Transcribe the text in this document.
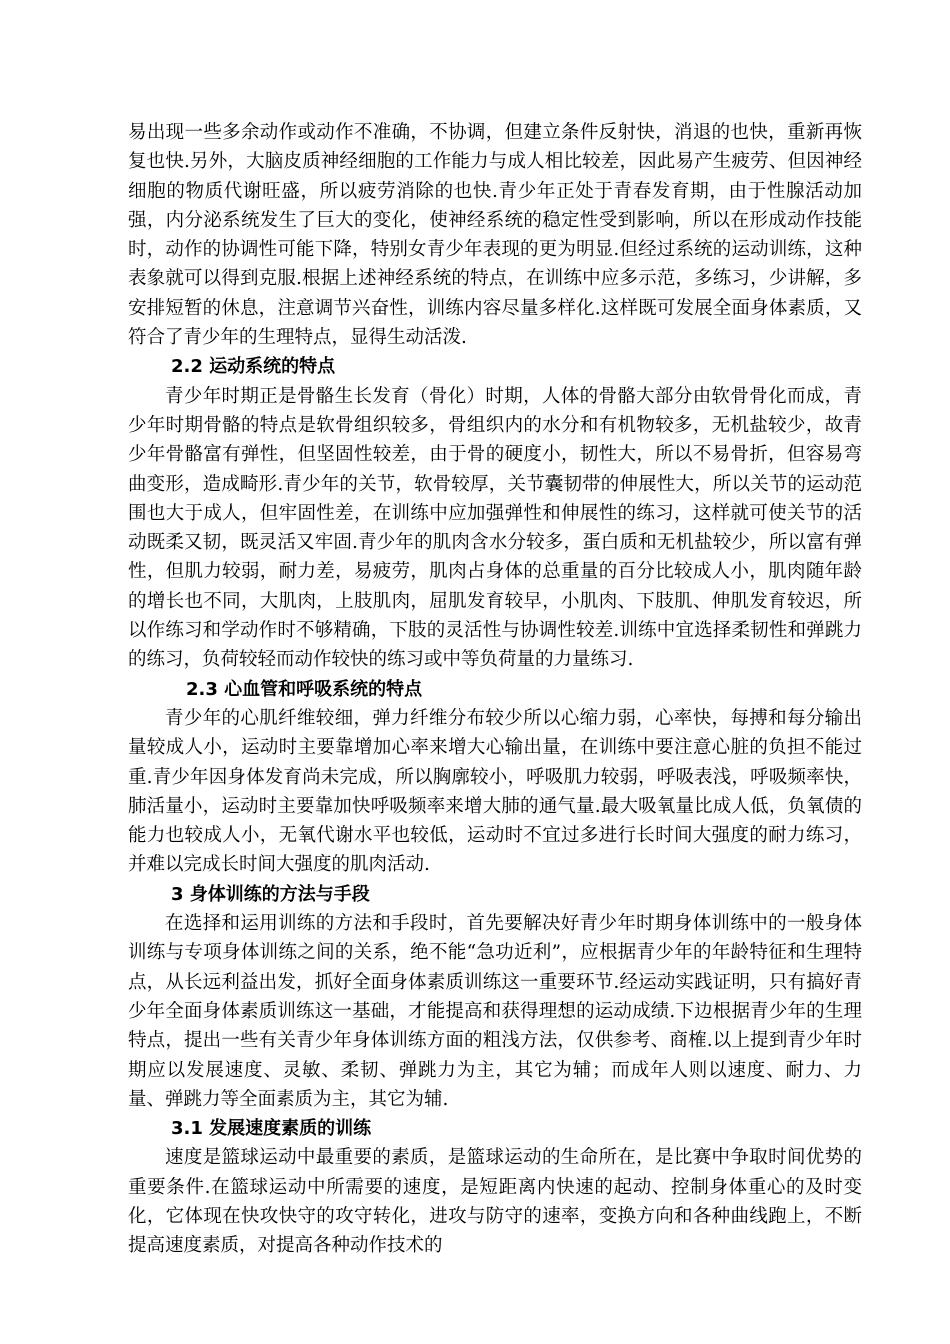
易出现一些多余动作或动作不准确，不协调，但建立条件反射快，消退的也快，重新再恢复也快.另外，大脑皮质神经细胞的工作能力与成人相比较差，因此易产生疲劳、但因神经细胞的物质代谢旺盛，所以疲劳消除的也快.青少年正处于青春发育期，由于性腺活动加强，内分泌系统发生了巨大的变化，使神经系统的稳定性受到影响，所以在形成动作技能时，动作的协调性可能下降，特别女青少年表现的更为明显.但经过系统的运动训练，这种表象就可以得到克服.根据上述神经系统的特点，在训练中应多示范，多练习，少讲解，多安排短暂的休息，注意调节兴奋性，训练内容尽量多样化.这样既可发展全面身体素质，又符合了青少年的生理特点，显得生动活泼.

2.2 运动系统的特点

青少年时期正是骨骼生长发育（骨化）时期，人体的骨骼大部分由软骨骨化而成，青少年时期骨骼的特点是软骨组织较多，骨组织内的水分和有机物较多，无机盐较少，故青少年骨骼富有弹性，但坚固性较差，由于骨的硬度小，韧性大，所以不易骨折，但容易弯曲变形，造成畸形.青少年的关节，软骨较厚，关节囊韧带的伸展性大，所以关节的运动范围也大于成人，但牢固性差，在训练中应加强弹性和伸展性的练习，这样就可使关节的活动既柔又韧，既灵活又牢固.青少年的肌肉含水分较多，蛋白质和无机盐较少，所以富有弹性，但肌力较弱，耐力差，易疲劳，肌肉占身体的总重量的百分比较成人小，肌肉随年龄的增长也不同，大肌肉，上肢肌肉，屈肌发育较早，小肌肉、下肢肌、伸肌发育较迟，所以作练习和学动作时不够精确，下肢的灵活性与协调性较差.训练中宜选择柔韧性和弹跳力的练习，负荷较轻而动作较快的练习或中等负荷量的力量练习.

2.3 心血管和呼吸系统的特点

青少年的心肌纤维较细，弹力纤维分布较少所以心缩力弱，心率快，每搏和每分输出量较成人小，运动时主要靠增加心率来增大心输出量，在训练中要注意心脏的负担不能过重.青少年因身体发育尚未完成，所以胸廓较小，呼吸肌力较弱，呼吸表浅，呼吸频率快，肺活量小，运动时主要靠加快呼吸频率来增大肺的通气量.最大吸氧量比成人低，负氧债的能力也较成人小，无氧代谢水平也较低，运动时不宜过多进行长时间大强度的耐力练习，并难以完成长时间大强度的肌肉活动.

3 身体训练的方法与手段

在选择和运用训练的方法和手段时，首先要解决好青少年时期身体训练中的一般身体训练与专项身体训练之间的关系，绝不能“急功近利”，应根据青少年的年龄特征和生理特点，从长远利益出发，抓好全面身体素质训练这一重要环节.经运动实践证明，只有搞好青少年全面身体素质训练这一基础，才能提高和获得理想的运动成绩.下边根据青少年的生理特点，提出一些有关青少年身体训练方面的粗浅方法，仅供参考、商榷.以上提到青少年时期应以发展速度、灵敏、柔韧、弹跳力为主，其它为辅；而成年人则以速度、耐力、力量、弹跳力等全面素质为主，其它为辅.

3.1 发展速度素质的训练

速度是篮球运动中最重要的素质，是篮球运动的生命所在，是比赛中争取时间优势的重要条件.在篮球运动中所需要的速度，是短距离内快速的起动、控制身体重心的及时变化，它体现在快攻快守的攻守转化，进攻与防守的速率，变换方向和各种曲线跑上，不断提高速度素质，对提高各种动作技术的
